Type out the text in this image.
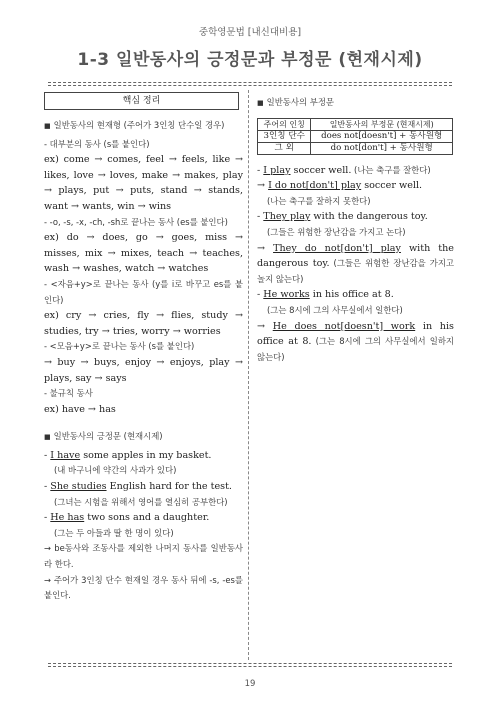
중학영문법 [내신대비용]
1-3 일반동사의 긍정문과 부정문 (현재시제)
핵심 정리
■ 일반동사의 현재형 (주어가 3인칭 단수일 경우)

- 대부분의 동사 (s를 붙인다)

ex) come → comes, feel → feels, like → likes, love → loves, make → makes, play → plays, put → puts, stand → stands, want → wants, win → wins

- -o, -s, -x, -ch, -sh로 끝나는 동사 (es를 붙인다)

ex) do → does, go → goes, miss → misses, mix → mixes, teach → teaches, wash → washes, watch → watches

- <자음+y>로 끝나는 동사 (y를 i로 바꾸고 es를 붙인다)

ex) cry → cries, fly → flies, study → studies, try → tries, worry → worries

- <모음+y>로 끝나는 동사 (s를 붙인다)

→ buy → buys, enjoy → enjoys, play → plays, say → says

- 불규칙 동사

ex) have → has

■ 일반동사의 긍정문 (현재시제)

- I have some apples in my basket.

(내 바구니에 약간의 사과가 있다)

- She studies English hard for the test.

(그녀는 시험을 위해서 영어를 열심히 공부한다)

- He has two sons and a daughter.

(그는 두 아들과 딸 한 명이 있다)

→ be동사와 조동사를 제외한 나머지 동사를 일반동사라 한다.

→ 주어가 3인칭 단수 현재일 경우 동사 뒤에 -s, -es를 붙인다.

■ 일반동사의 부정문
주어의 인칭	일반동사의 부정문 (현재시제)
3인칭 단수	does not[doesn't] + 동사원형
그 외	do not[don't] + 동사원형

- I play soccer well. (나는 축구를 잘한다)

→ I do not[don't] play soccer well.

(나는 축구를 잘하지 못한다)

- They play with the dangerous toy.

(그들은 위험한 장난감을 가지고 논다)

→ They do not[don't] play with the dangerous toy. (그들은 위험한 장난감을 가지고 놀지 않는다)

- He works in his office at 8.

(그는 8시에 그의 사무실에서 일한다)

→ He does not[doesn't] work in his office at 8. (그는 8시에 그의 사무실에서 일하지 않는다)

19
